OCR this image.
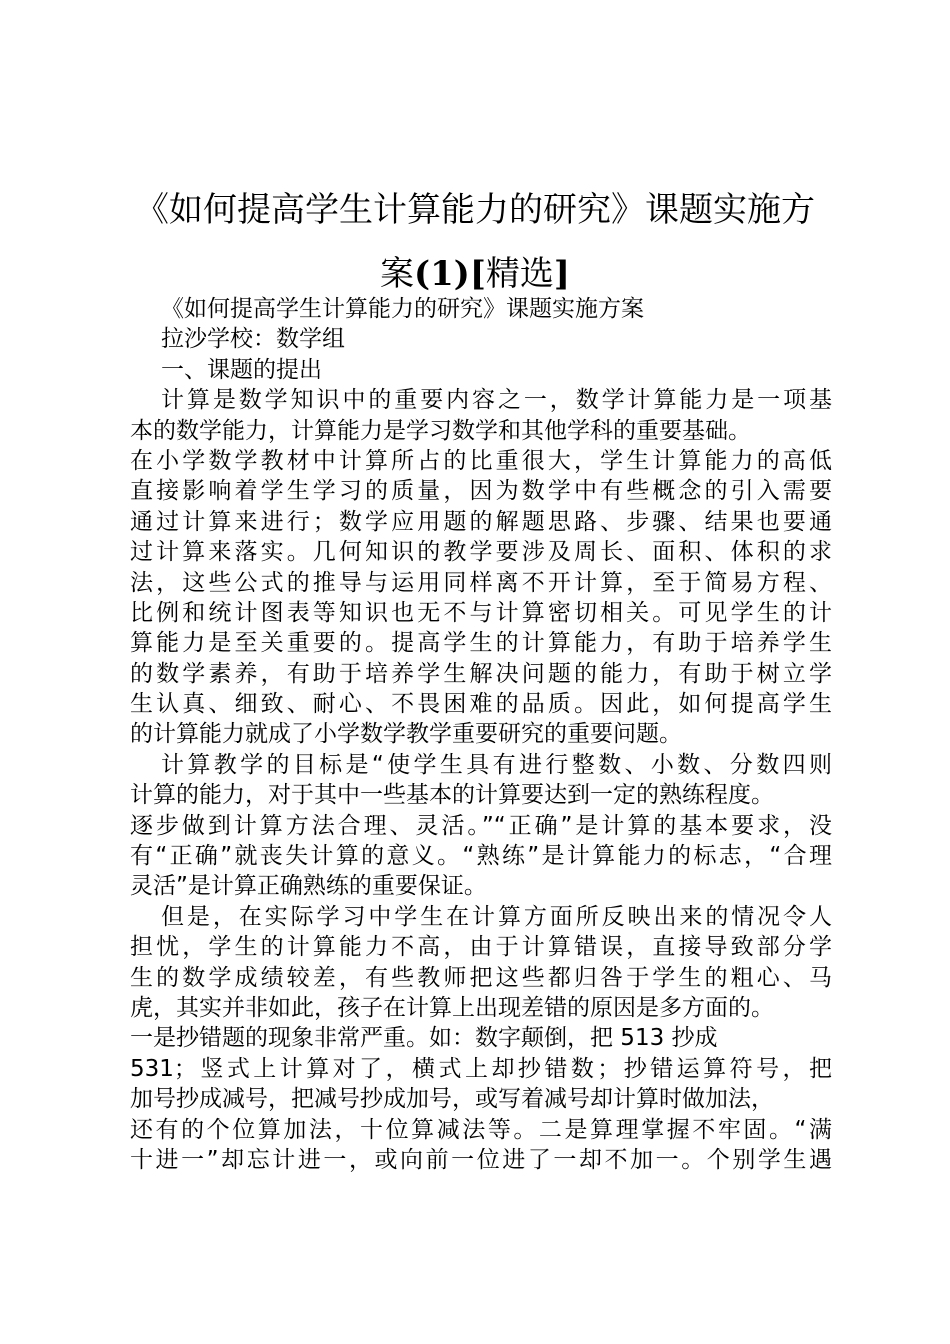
《如何提高学生计算能力的研究》课题实施方
案(1)[精选]
《如何提高学生计算能力的研究》课题实施方案
拉沙学校：数学组
一、课题的提出
计算是数学知识中的重要内容之一，数学计算能力是一项基
本的数学能力，计算能力是学习数学和其他学科的重要基础。
在小学数学教材中计算所占的比重很大，学生计算能力的高低
直接影响着学生学习的质量，因为数学中有些概念的引入需要
通过计算来进行；数学应用题的解题思路、步骤、结果也要通
过计算来落实。几何知识的教学要涉及周长、面积、体积的求
法，这些公式的推导与运用同样离不开计算，至于简易方程、
比例和统计图表等知识也无不与计算密切相关。可见学生的计
算能力是至关重要的。提高学生的计算能力，有助于培养学生
的数学素养，有助于培养学生解决问题的能力，有助于树立学
生认真、细致、耐心、不畏困难的品质。因此，如何提高学生
的计算能力就成了小学数学教学重要研究的重要问题。
计算教学的目标是“使学生具有进行整数、小数、分数四则
计算的能力，对于其中一些基本的计算要达到一定的熟练程度。
逐步做到计算方法合理、灵活。”“正确”是计算的基本要求，没
有“正确”就丧失计算的意义。“熟练”是计算能力的标志，“合理
灵活”是计算正确熟练的重要保证。
但是，在实际学习中学生在计算方面所反映出来的情况令人
担忧，学生的计算能力不高，由于计算错误，直接导致部分学
生的数学成绩较差，有些教师把这些都归咎于学生的粗心、马
虎，其实并非如此，孩子在计算上出现差错的原因是多方面的。
一是抄错题的现象非常严重。如：数字颠倒，把 513 抄成
531；竖式上计算对了，横式上却抄错数；抄错运算符号，把
加号抄成减号，把减号抄成加号，或写着减号却计算时做加法，
还有的个位算加法，十位算减法等。二是算理掌握不牢固。“满
十进一”却忘计进一，或向前一位进了一却不加一。个别学生遇
